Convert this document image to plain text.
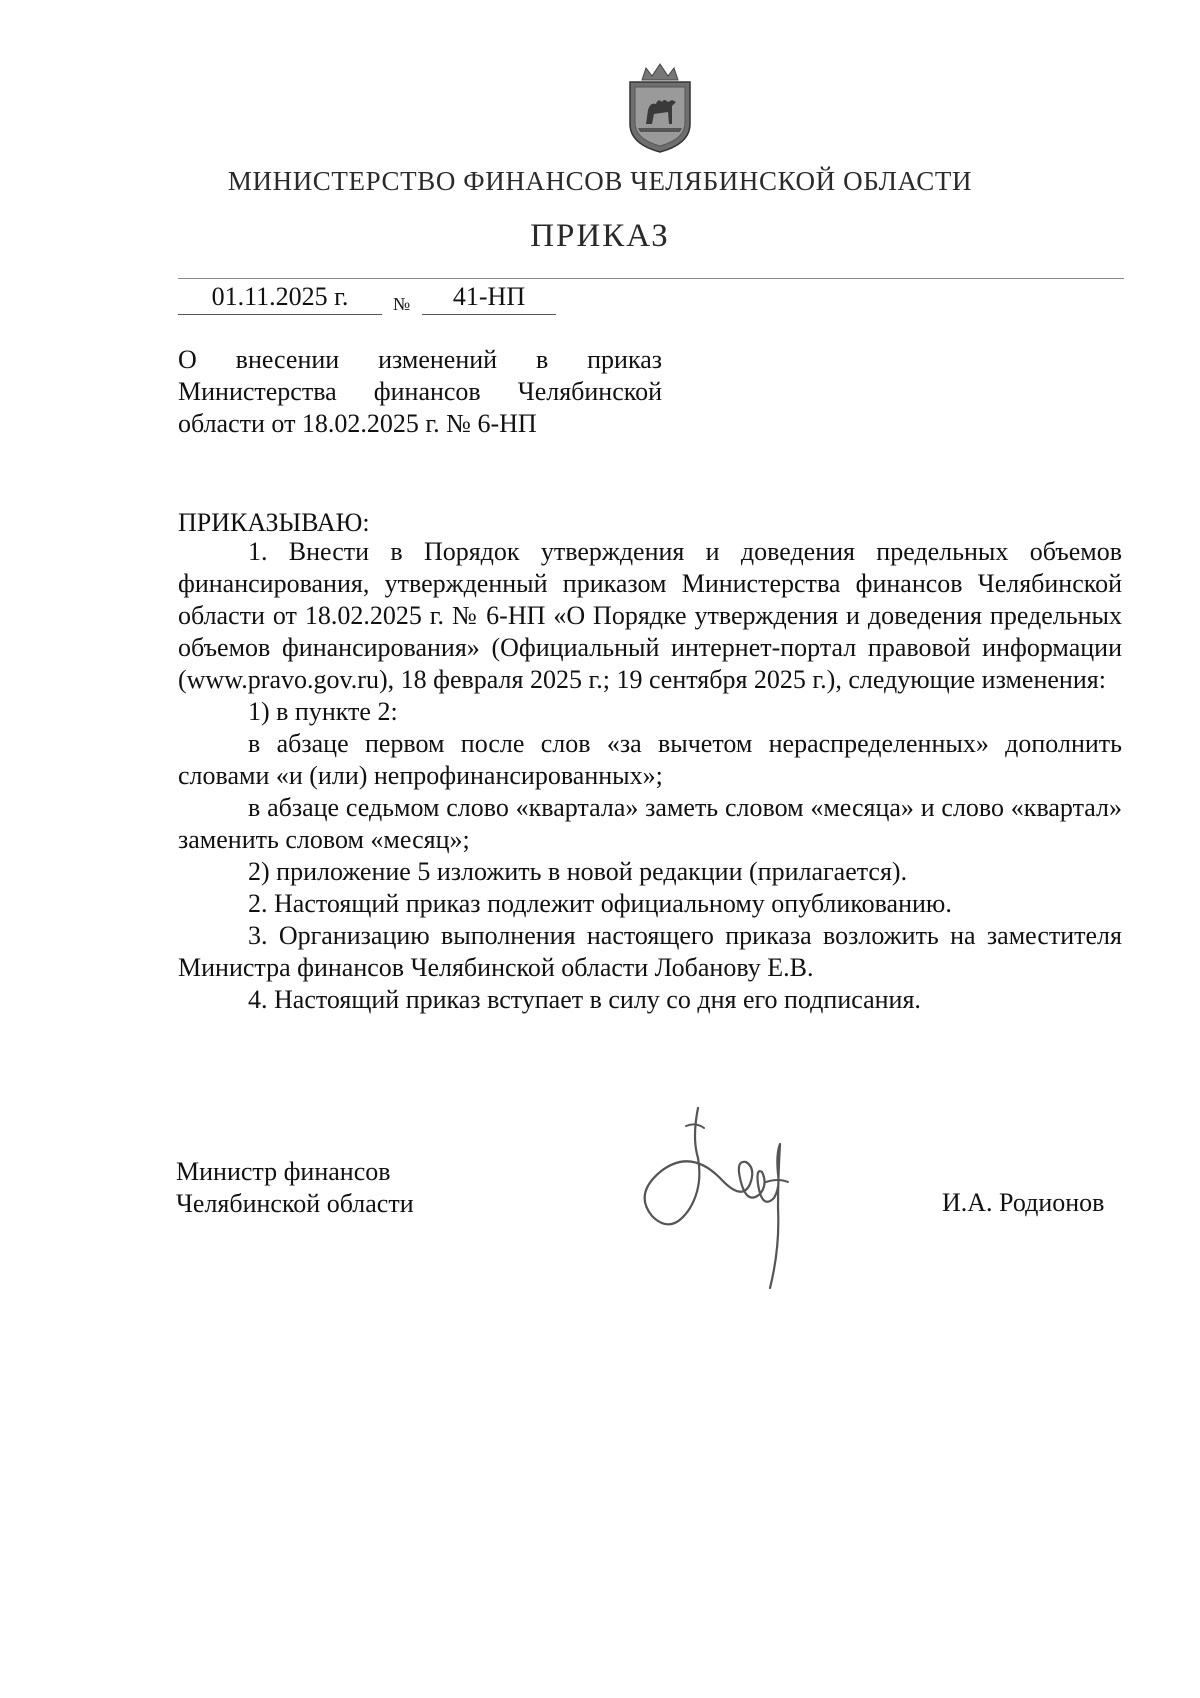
МИНИСТЕРСТВО ФИНАНСОВ ЧЕЛЯБИНСКОЙ ОБЛАСТИ
ПРИКАЗ
01.11.2025 г.	№	41-НП
О внесении изменений в приказ Министерства финансов Челябинской области от 18.02.2025 г. № 6-НП
ПРИКАЗЫВАЮ:

1. Внести в Порядок утверждения и доведения предельных объемов финансирования, утвержденный приказом Министерства финансов Челябинской области от 18.02.2025 г. № 6-НП «О Порядке утверждения и доведения предельных объемов финансирования» (Официальный интернет-портал правовой информации (www.pravo.gov.ru), 18 февраля 2025 г.; 19 сентября 2025 г.), следующие изменения:

1) в пункте 2:

в абзаце первом после слов «за вычетом нераспределенных» дополнить словами «и (или) непрофинансированных»;

в абзаце седьмом слово «квартала» заметь словом «месяца» и слово «квартал» заменить словом «месяц»;

2) приложение 5 изложить в новой редакции (прилагается).

2. Настоящий приказ подлежит официальному опубликованию.

3. Организацию выполнения настоящего приказа возложить на заместителя Министра финансов Челябинской области Лобанову Е.В.

4. Настоящий приказ вступает в силу со дня его подписания.

Министр финансов
Челябинской области	И.А. Родионов
